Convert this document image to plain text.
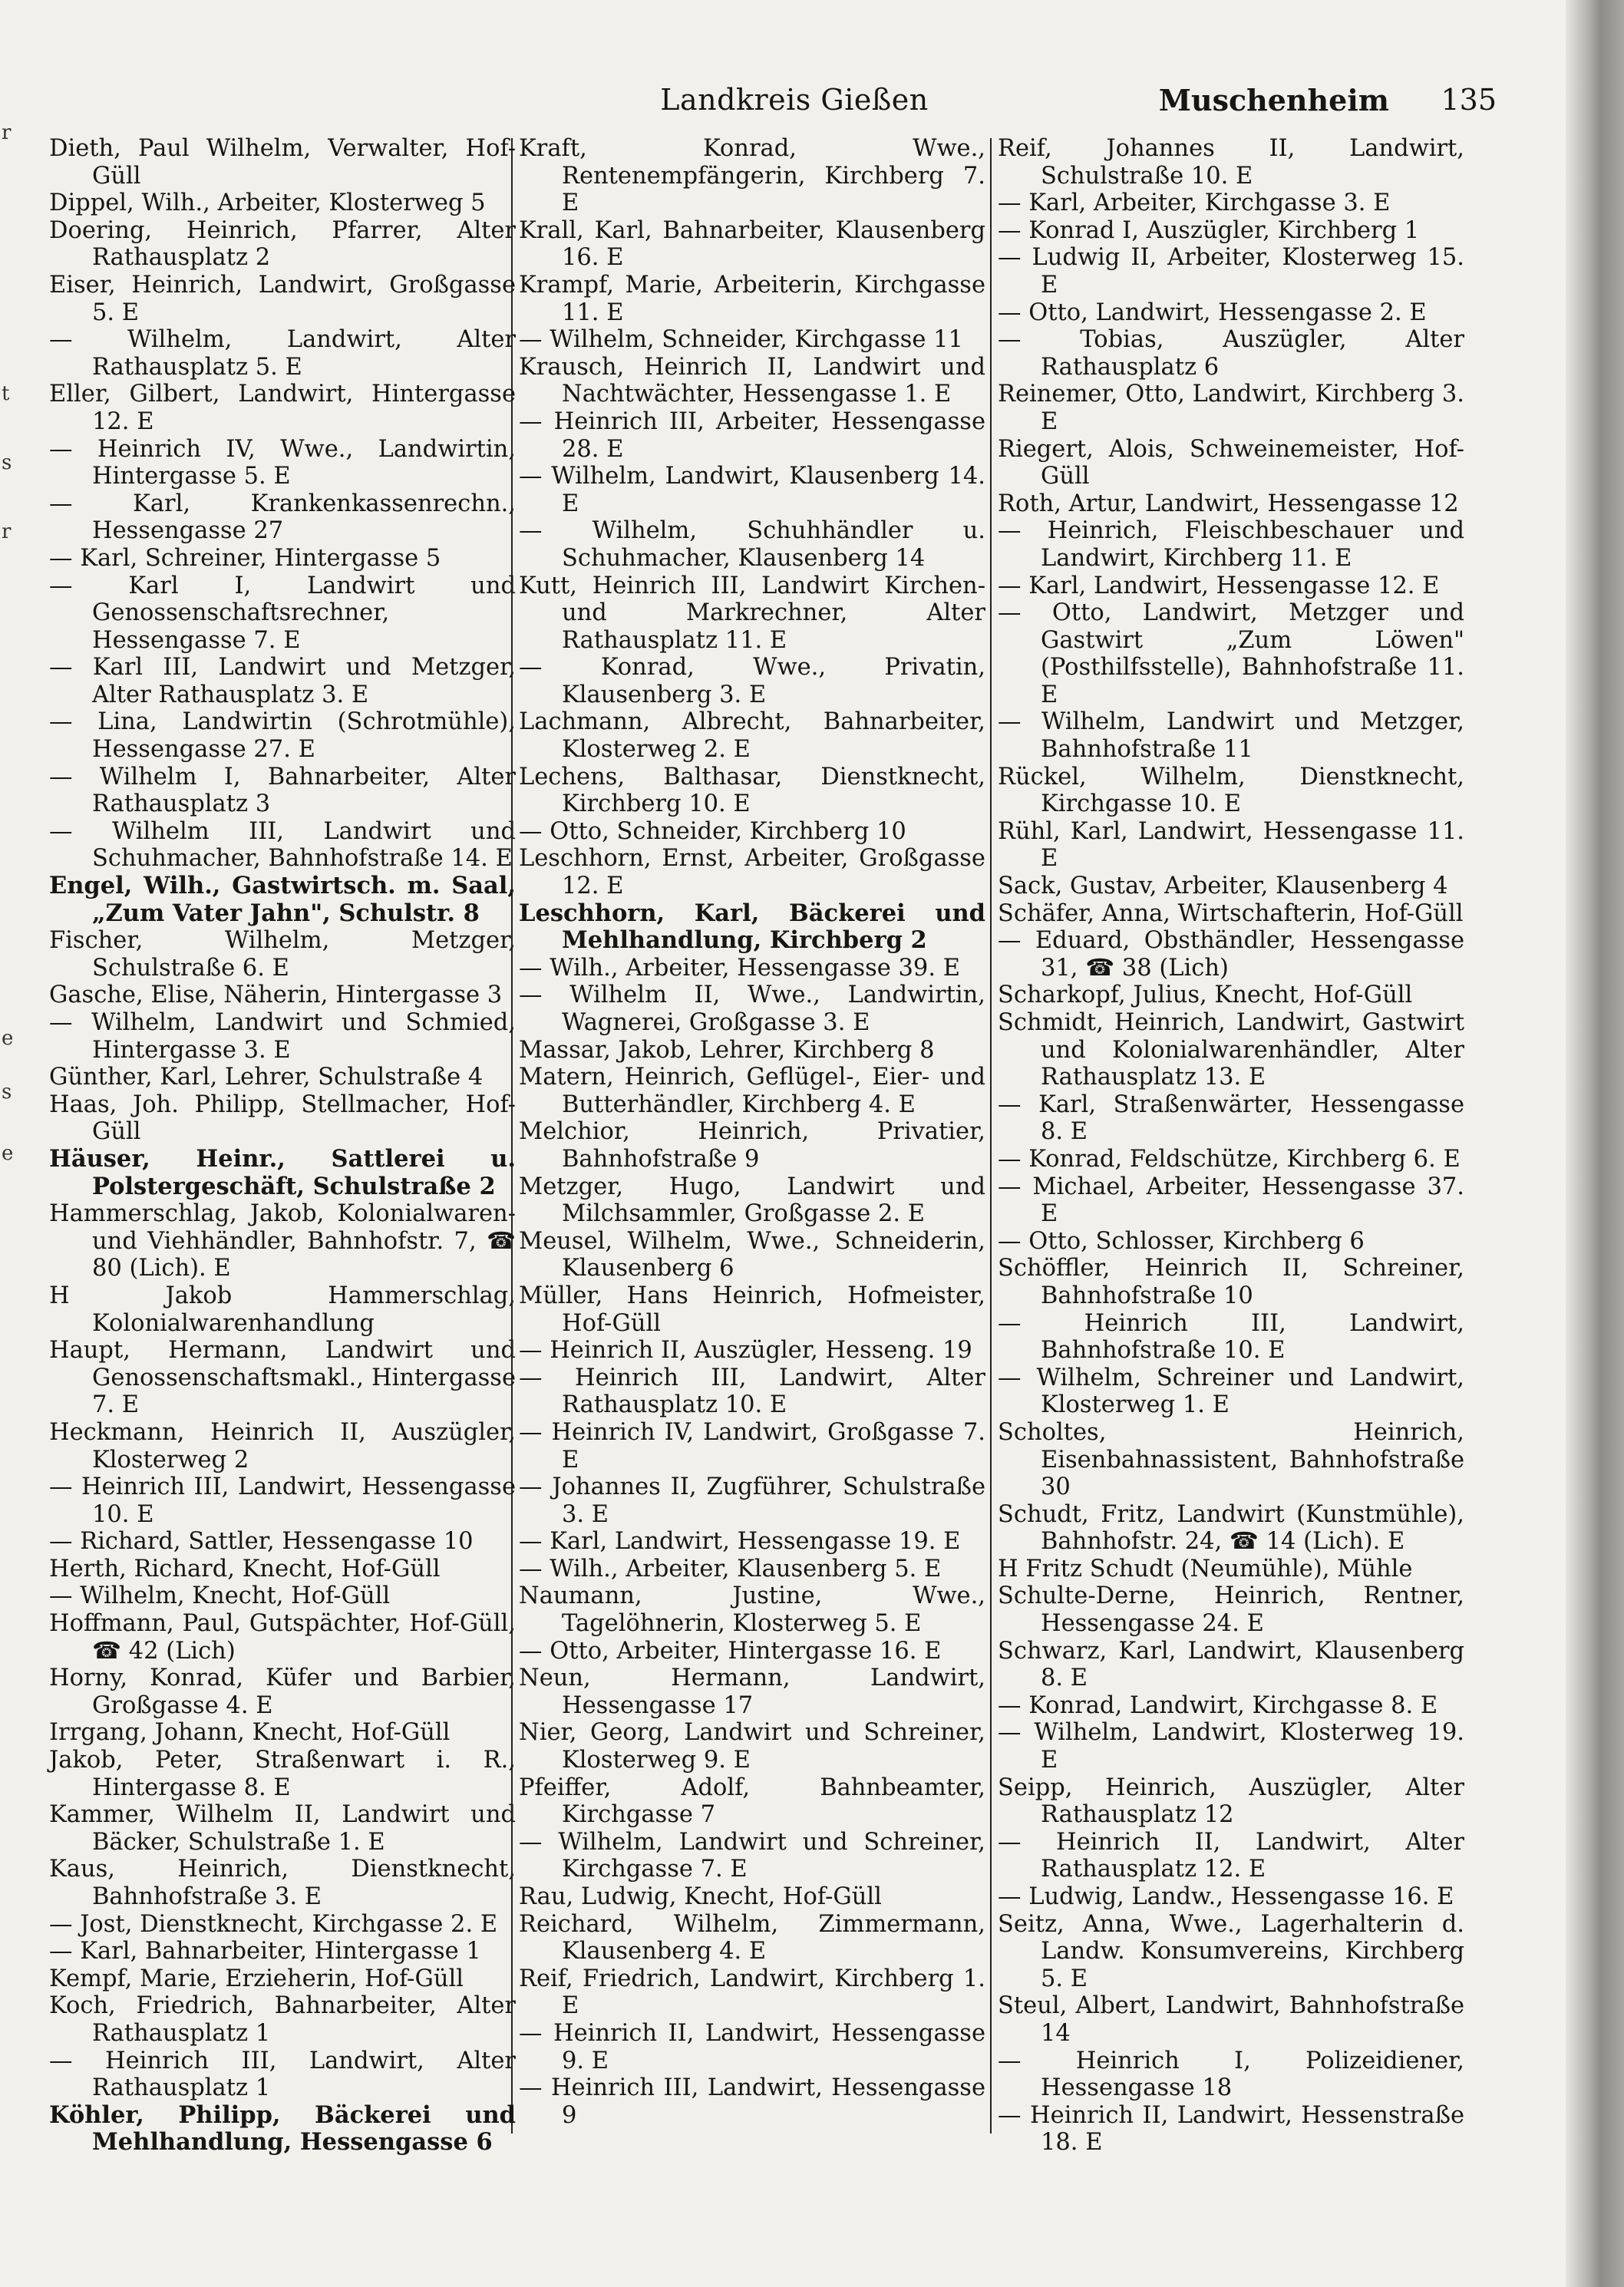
r
t
s
r
e
s
e
Landkreis Gießen	Muschenheim 135
Dieth, Paul Wilhelm, Verwalter, Hof-Güll
Dippel, Wilh., Arbeiter, Klosterweg 5
Doering, Heinrich, Pfarrer, Alter Rathausplatz 2
Eiser, Heinrich, Landwirt, Großgasse 5. E
— Wilhelm, Landwirt, Alter Rathausplatz 5. E
Eller, Gilbert, Landwirt, Hintergasse 12. E
— Heinrich IV, Wwe., Landwirtin, Hintergasse 5. E
— Karl, Krankenkassenrechn., Hessengasse 27
— Karl, Schreiner, Hintergasse 5
— Karl I, Landwirt und Genossenschaftsrechner, Hessengasse 7. E
— Karl III, Landwirt und Metzger, Alter Rathausplatz 3. E
— Lina, Landwirtin (Schrotmühle), Hessengasse 27. E
— Wilhelm I, Bahnarbeiter, Alter Rathausplatz 3
— Wilhelm III, Landwirt und Schuhmacher, Bahnhofstraße 14. E
Engel, Wilh., Gastwirtsch. m. Saal, „Zum Vater Jahn", Schulstr. 8
Fischer, Wilhelm, Metzger, Schulstraße 6. E
Gasche, Elise, Näherin, Hintergasse 3
— Wilhelm, Landwirt und Schmied, Hintergasse 3. E
Günther, Karl, Lehrer, Schulstraße 4
Haas, Joh. Philipp, Stellmacher, Hof-Güll
Häuser, Heinr., Sattlerei u. Polstergeschäft, Schulstraße 2
Hammerschlag, Jakob, Kolonialwaren- und Viehhändler, Bahnhofstr. 7, ☎ 80 (Lich). E
H Jakob Hammerschlag, Kolonialwarenhandlung
Haupt, Hermann, Landwirt und Genossenschaftsmakl., Hintergasse 7. E
Heckmann, Heinrich II, Auszügler, Klosterweg 2
— Heinrich III, Landwirt, Hessengasse 10. E
— Richard, Sattler, Hessengasse 10
Herth, Richard, Knecht, Hof-Güll
— Wilhelm, Knecht, Hof-Güll
Hoffmann, Paul, Gutspächter, Hof-Güll, ☎ 42 (Lich)
Horny, Konrad, Küfer und Barbier, Großgasse 4. E
Irrgang, Johann, Knecht, Hof-Güll
Jakob, Peter, Straßenwart i. R., Hintergasse 8. E
Kammer, Wilhelm II, Landwirt und Bäcker, Schulstraße 1. E
Kaus, Heinrich, Dienstknecht, Bahnhofstraße 3. E
— Jost, Dienstknecht, Kirchgasse 2. E
— Karl, Bahnarbeiter, Hintergasse 1
Kempf, Marie, Erzieherin, Hof-Güll
Koch, Friedrich, Bahnarbeiter, Alter Rathausplatz 1
— Heinrich III, Landwirt, Alter Rathausplatz 1
Köhler, Philipp, Bäckerei und Mehlhandlung, Hessengasse 6
Kraft, Konrad, Wwe., Rentenempfängerin, Kirchberg 7. E
Krall, Karl, Bahnarbeiter, Klausenberg 16. E
Krampf, Marie, Arbeiterin, Kirchgasse 11. E
— Wilhelm, Schneider, Kirchgasse 11
Krausch, Heinrich II, Landwirt und Nachtwächter, Hessengasse 1. E
— Heinrich III, Arbeiter, Hessengasse 28. E
— Wilhelm, Landwirt, Klausenberg 14. E
— Wilhelm, Schuhhändler u. Schuhmacher, Klausenberg 14
Kutt, Heinrich III, Landwirt Kirchen- und Markrechner, Alter Rathausplatz 11. E
— Konrad, Wwe., Privatin, Klausenberg 3. E
Lachmann, Albrecht, Bahnarbeiter, Klosterweg 2. E
Lechens, Balthasar, Dienstknecht, Kirchberg 10. E
— Otto, Schneider, Kirchberg 10
Leschhorn, Ernst, Arbeiter, Großgasse 12. E
Leschhorn, Karl, Bäckerei und Mehlhandlung, Kirchberg 2
— Wilh., Arbeiter, Hessengasse 39. E
— Wilhelm II, Wwe., Landwirtin, Wagnerei, Großgasse 3. E
Massar, Jakob, Lehrer, Kirchberg 8
Matern, Heinrich, Geflügel-, Eier- und Butterhändler, Kirchberg 4. E
Melchior, Heinrich, Privatier, Bahnhofstraße 9
Metzger, Hugo, Landwirt und Milchsammler, Großgasse 2. E
Meusel, Wilhelm, Wwe., Schneiderin, Klausenberg 6
Müller, Hans Heinrich, Hofmeister, Hof-Güll
— Heinrich II, Auszügler, Hesseng. 19
— Heinrich III, Landwirt, Alter Rathausplatz 10. E
— Heinrich IV, Landwirt, Großgasse 7. E
— Johannes II, Zugführer, Schulstraße 3. E
— Karl, Landwirt, Hessengasse 19. E
— Wilh., Arbeiter, Klausenberg 5. E
Naumann, Justine, Wwe., Tagelöhnerin, Klosterweg 5. E
— Otto, Arbeiter, Hintergasse 16. E
Neun, Hermann, Landwirt, Hessengasse 17
Nier, Georg, Landwirt und Schreiner, Klosterweg 9. E
Pfeiffer, Adolf, Bahnbeamter, Kirchgasse 7
— Wilhelm, Landwirt und Schreiner, Kirchgasse 7. E
Rau, Ludwig, Knecht, Hof-Güll
Reichard, Wilhelm, Zimmermann, Klausenberg 4. E
Reif, Friedrich, Landwirt, Kirchberg 1. E
— Heinrich II, Landwirt, Hessengasse 9. E
— Heinrich III, Landwirt, Hessengasse 9
Reif, Johannes II, Landwirt, Schulstraße 10. E
— Karl, Arbeiter, Kirchgasse 3. E
— Konrad I, Auszügler, Kirchberg 1
— Ludwig II, Arbeiter, Klosterweg 15. E
— Otto, Landwirt, Hessengasse 2. E
— Tobias, Auszügler, Alter Rathausplatz 6
Reinemer, Otto, Landwirt, Kirchberg 3. E
Riegert, Alois, Schweinemeister, Hof-Güll
Roth, Artur, Landwirt, Hessengasse 12
— Heinrich, Fleischbeschauer und Landwirt, Kirchberg 11. E
— Karl, Landwirt, Hessengasse 12. E
— Otto, Landwirt, Metzger und Gastwirt „Zum Löwen" (Posthilfsstelle), Bahnhofstraße 11. E
— Wilhelm, Landwirt und Metzger, Bahnhofstraße 11
Rückel, Wilhelm, Dienstknecht, Kirchgasse 10. E
Rühl, Karl, Landwirt, Hessengasse 11. E
Sack, Gustav, Arbeiter, Klausenberg 4
Schäfer, Anna, Wirtschafterin, Hof-Güll
— Eduard, Obsthändler, Hessengasse 31, ☎ 38 (Lich)
Scharkopf, Julius, Knecht, Hof-Güll
Schmidt, Heinrich, Landwirt, Gastwirt und Kolonialwarenhändler, Alter Rathausplatz 13. E
— Karl, Straßenwärter, Hessengasse 8. E
— Konrad, Feldschütze, Kirchberg 6. E
— Michael, Arbeiter, Hessengasse 37. E
— Otto, Schlosser, Kirchberg 6
Schöffler, Heinrich II, Schreiner, Bahnhofstraße 10
— Heinrich III, Landwirt, Bahnhofstraße 10. E
— Wilhelm, Schreiner und Landwirt, Klosterweg 1. E
Scholtes, Heinrich, Eisenbahnassistent, Bahnhofstraße 30
Schudt, Fritz, Landwirt (Kunstmühle), Bahnhofstr. 24, ☎ 14 (Lich). E
H Fritz Schudt (Neumühle), Mühle
Schulte-Derne, Heinrich, Rentner, Hessengasse 24. E
Schwarz, Karl, Landwirt, Klausenberg 8. E
— Konrad, Landwirt, Kirchgasse 8. E
— Wilhelm, Landwirt, Klosterweg 19. E
Seipp, Heinrich, Auszügler, Alter Rathausplatz 12
— Heinrich II, Landwirt, Alter Rathausplatz 12. E
— Ludwig, Landw., Hessengasse 16. E
Seitz, Anna, Wwe., Lagerhalterin d. Landw. Konsumvereins, Kirchberg 5. E
Steul, Albert, Landwirt, Bahnhofstraße 14
— Heinrich I, Polizeidiener, Hessengasse 18
— Heinrich II, Landwirt, Hessenstraße 18. E
